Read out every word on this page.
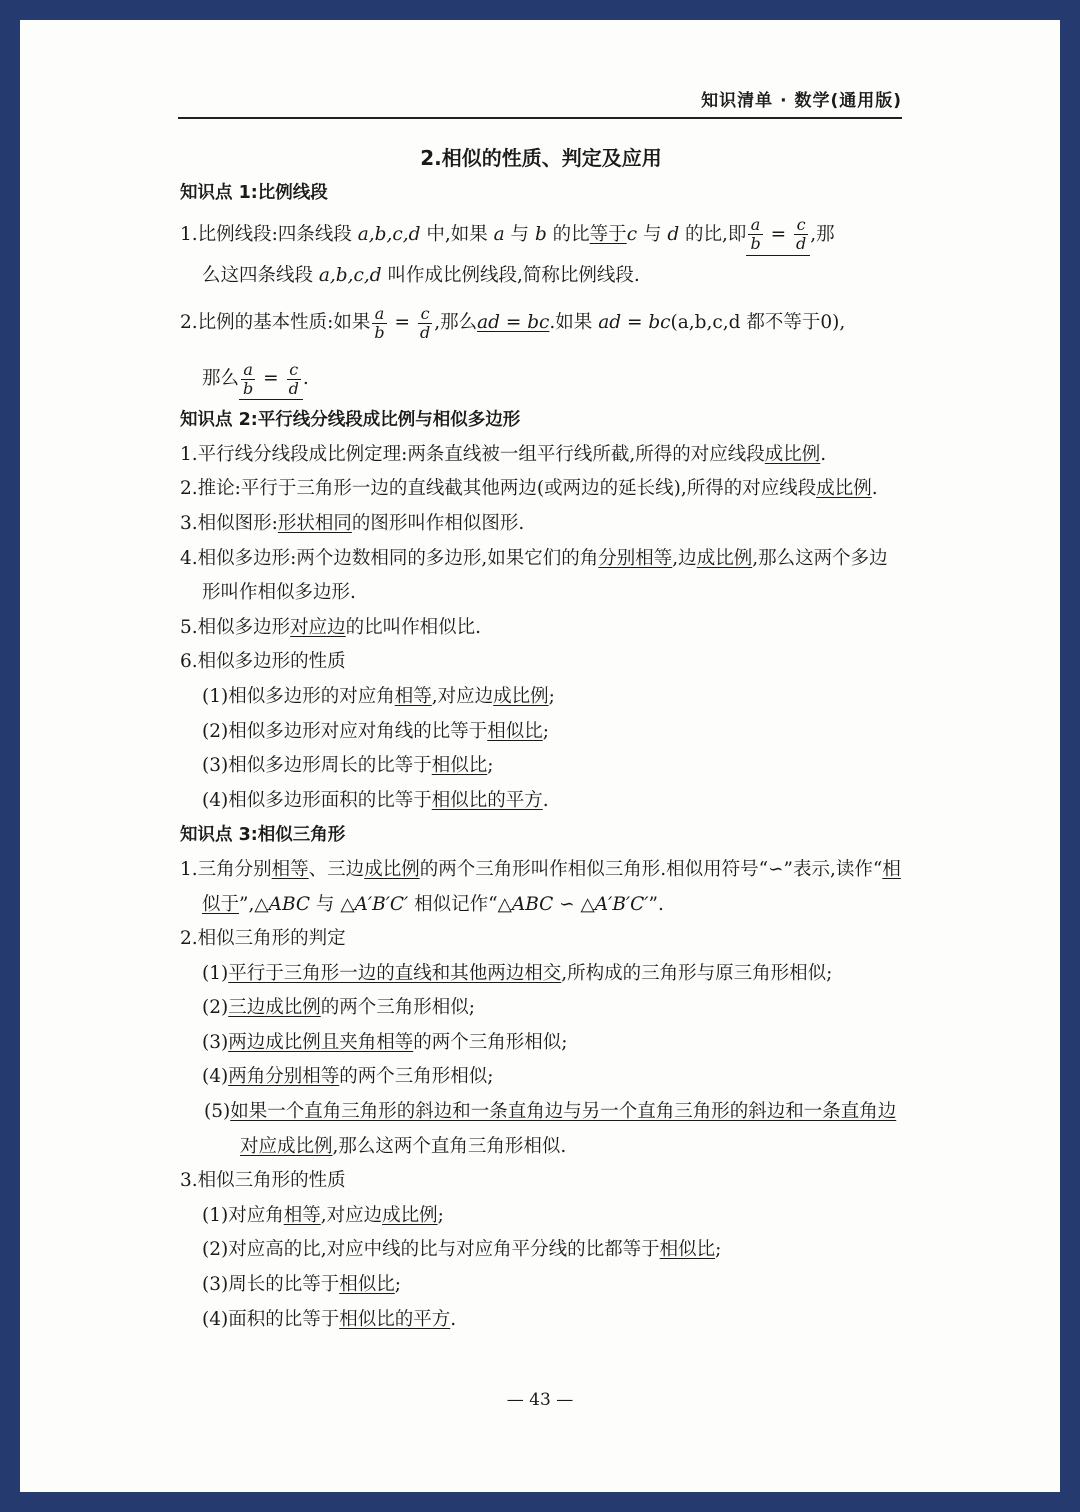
知识清单 · 数学(通用版)

2.相似的性质、判定及应用

知识点 1:比例线段

1.比例线段:四条线段 a,b,c,d 中,如果 a 与 b 的比等于c 与 d 的比,即 $\frac{a}{b} = \frac{c}{d}$ ,那

么这四条线段 a,b,c,d 叫作成比例线段,简称比例线段.

2.比例的基本性质:如果 $\frac{a}{b} = \frac{c}{d}$ ,那么ad = bc.如果 ad = bc(a,b,c,d 都不等于0),

那么 $\frac{a}{b} = \frac{c}{d}$ .

知识点 2:平行线分线段成比例与相似多边形

1.平行线分线段成比例定理:两条直线被一组平行线所截,所得的对应线段成比例.

2.推论:平行于三角形一边的直线截其他两边(或两边的延长线),所得的对应线段成比例.

3.相似图形:形状相同的图形叫作相似图形.

4.相似多边形:两个边数相同的多边形,如果它们的角分别相等,边成比例,那么这两个多边形叫作相似多边形.

5.相似多边形对应边的比叫作相似比.

6.相似多边形的性质

(1)相似多边形的对应角相等,对应边成比例;

(2)相似多边形对应对角线的比等于相似比;

(3)相似多边形周长的比等于相似比;

(4)相似多边形面积的比等于相似比的平方.

知识点 3:相似三角形

1.三角分别相等、三边成比例的两个三角形叫作相似三角形.相似用符号“∽”表示,读作“相似于”,△ABC 与 △A′B′C′ 相似记作“△ABC ∽ △A′B′C′”.

2.相似三角形的判定

(1)平行于三角形一边的直线和其他两边相交,所构成的三角形与原三角形相似;

(2)三边成比例的两个三角形相似;

(3)两边成比例且夹角相等的两个三角形相似;

(4)两角分别相等的两个三角形相似;

(5)如果一个直角三角形的斜边和一条直角边与另一个直角三角形的斜边和一条直角边对应成比例,那么这两个直角三角形相似.

3.相似三角形的性质

(1)对应角相等,对应边成比例;

(2)对应高的比,对应中线的比与对应角平分线的比都等于相似比;

(3)周长的比等于相似比;

(4)面积的比等于相似比的平方.

— 43 —
